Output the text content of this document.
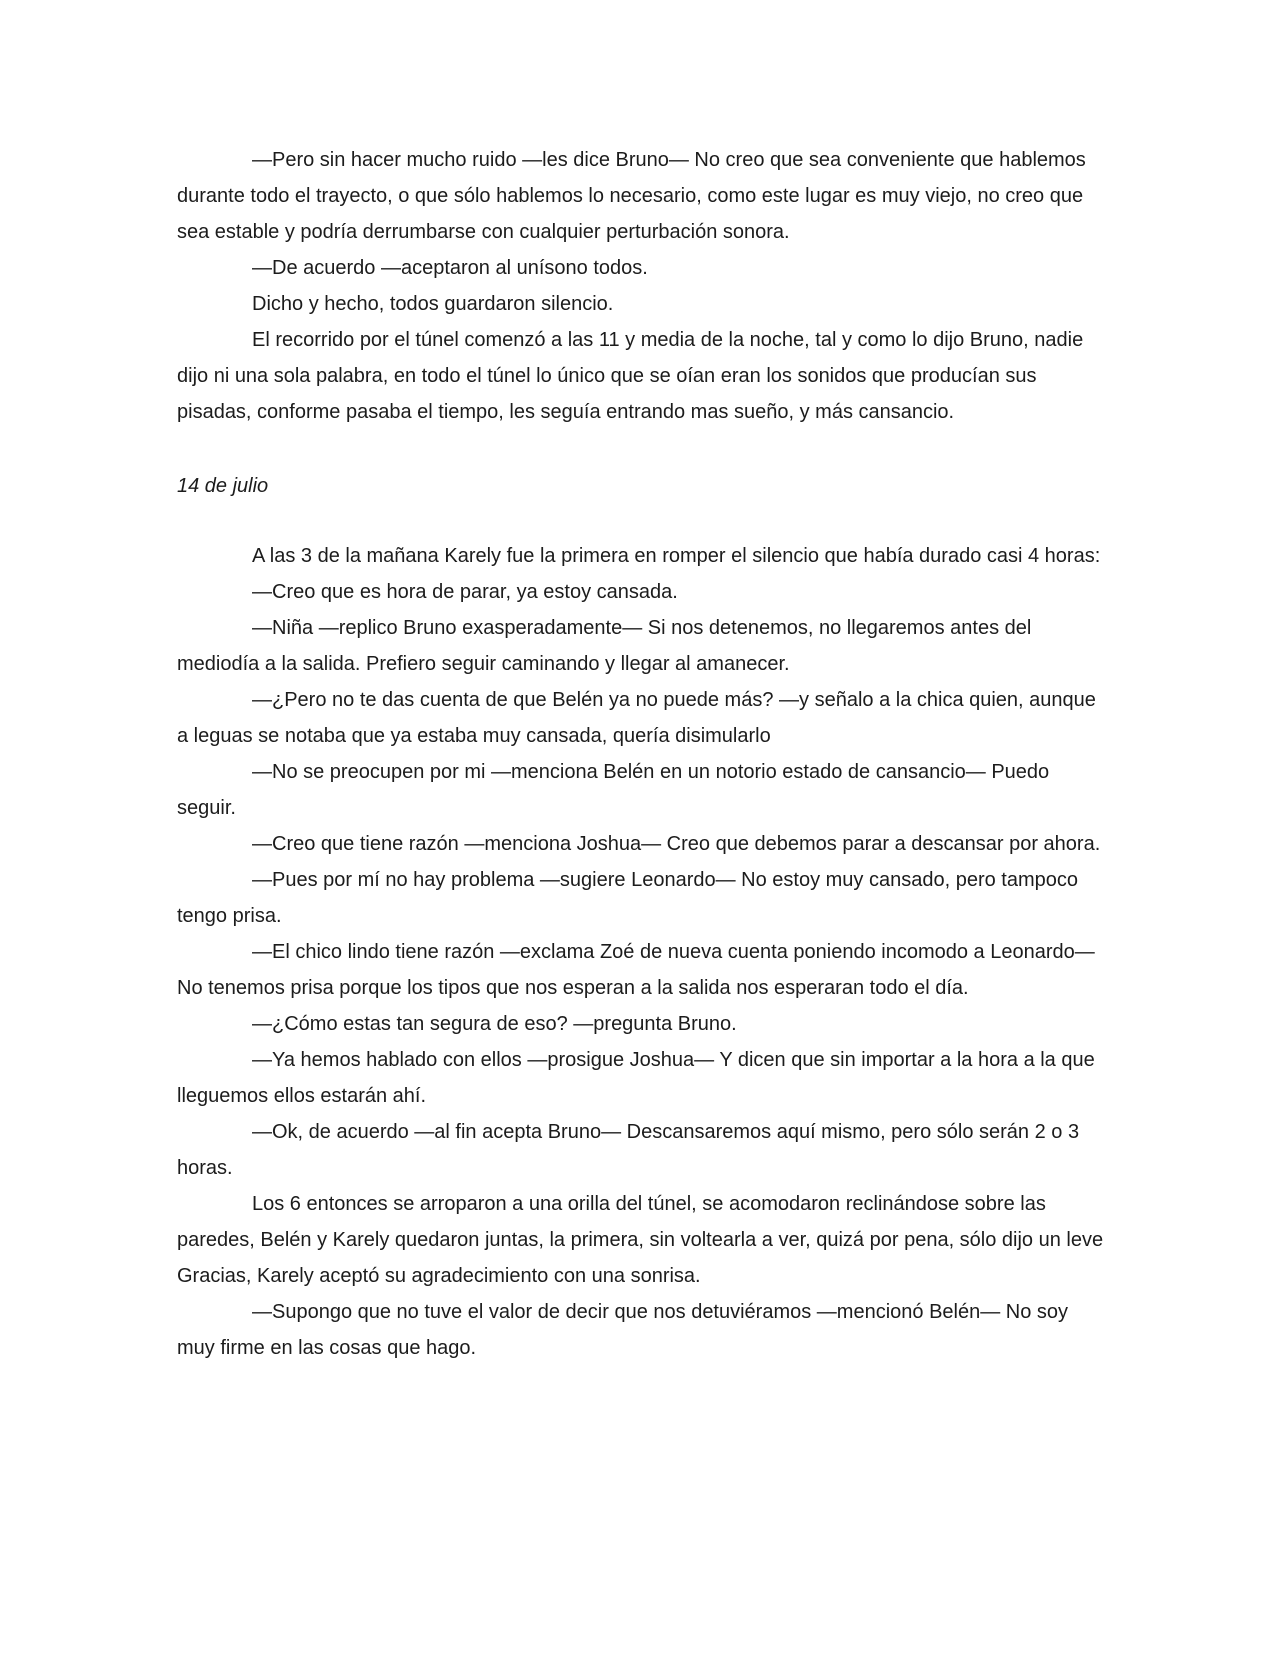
—Pero sin hacer mucho ruido —les dice Bruno— No creo que sea conveniente que hablemos durante todo el trayecto, o que sólo hablemos lo necesario, como este lugar es muy viejo, no creo que sea estable y podría derrumbarse con cualquier perturbación sonora.

—De acuerdo —aceptaron al unísono todos.

Dicho y hecho, todos guardaron silencio.

El recorrido por el túnel comenzó a las 11 y media de la noche, tal y como lo dijo Bruno, nadie dijo ni una sola palabra, en todo el túnel lo único que se oían eran los sonidos que producían sus pisadas, conforme pasaba el tiempo, les seguía entrando mas sueño, y más cansancio.

14 de julio

A las 3 de la mañana Karely fue la primera en romper el silencio que había durado casi 4 horas:

—Creo que es hora de parar, ya estoy cansada.

—Niña —replico Bruno exasperadamente— Si nos detenemos, no llegaremos antes del mediodía a la salida. Prefiero seguir caminando y llegar al amanecer.

—¿Pero no te das cuenta de que Belén ya no puede más? —y señalo a la chica quien, aunque a leguas se notaba que ya estaba muy cansada, quería disimularlo

—No se preocupen por mi —menciona Belén en un notorio estado de cansancio— Puedo seguir.

—Creo que tiene razón —menciona Joshua— Creo que debemos parar a descansar por ahora.

—Pues por mí no hay problema —sugiere Leonardo— No estoy muy cansado, pero tampoco tengo prisa.

—El chico lindo tiene razón —exclama Zoé de nueva cuenta poniendo incomodo a Leonardo— No tenemos prisa porque los tipos que nos esperan a la salida nos esperaran todo el día.

—¿Cómo estas tan segura de eso? —pregunta Bruno.

—Ya hemos hablado con ellos —prosigue Joshua— Y dicen que sin importar a la hora a la que lleguemos ellos estarán ahí.

—Ok, de acuerdo —al fin acepta Bruno— Descansaremos aquí mismo, pero sólo serán 2 o 3 horas.

Los 6 entonces se arroparon a una orilla del túnel, se acomodaron reclinándose sobre las paredes, Belén y Karely quedaron juntas, la primera, sin voltearla a ver, quizá por pena, sólo dijo un leve Gracias, Karely aceptó su agradecimiento con una sonrisa.

—Supongo que no tuve el valor de decir que nos detuviéramos —mencionó Belén— No soy muy firme en las cosas que hago.
